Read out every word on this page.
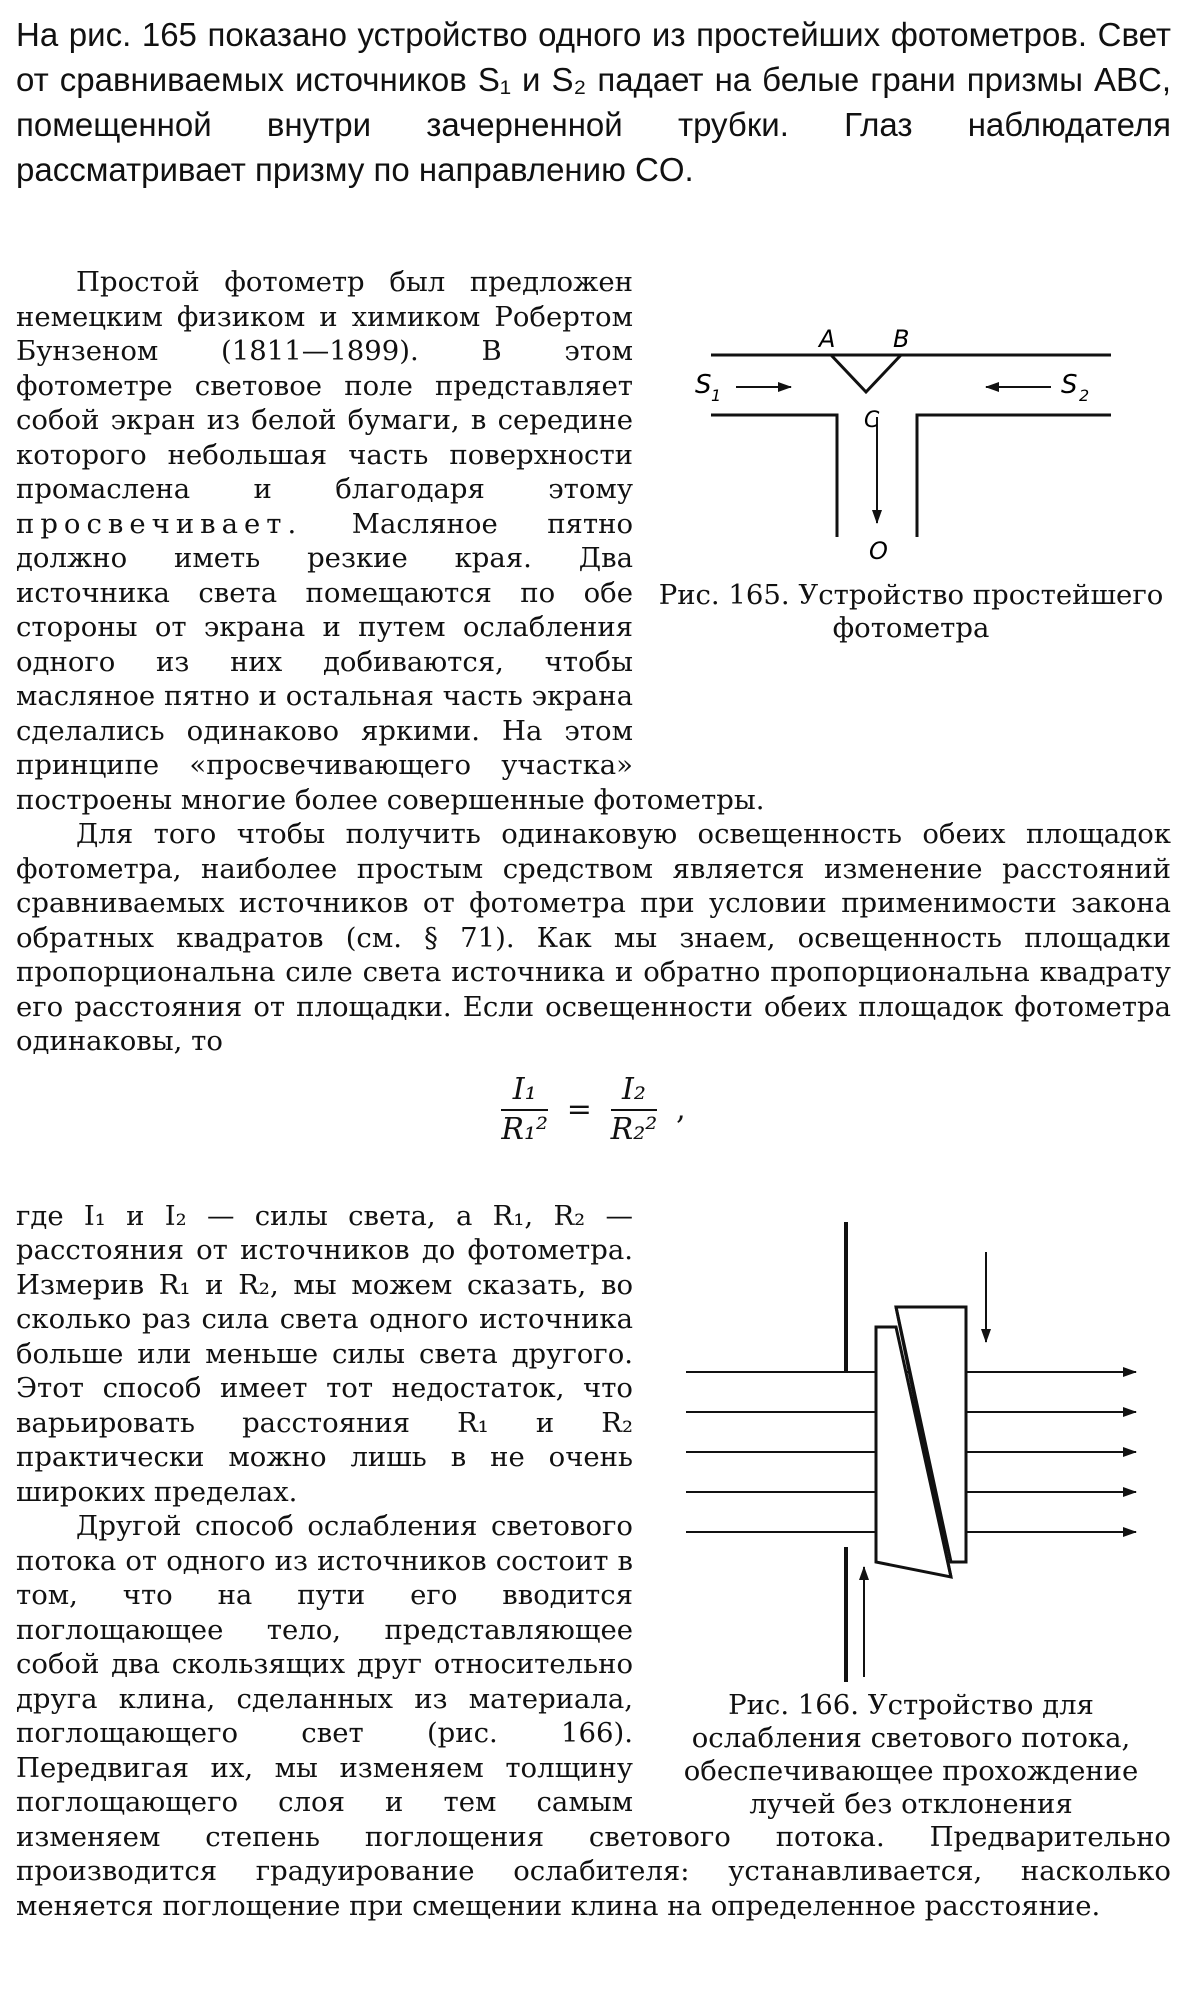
На рис. 165 показано устройство одного из простейших фотометров. Свет от сравниваемых источников S₁ и S₂ падает на белые грани призмы ABC, помещенной внутри зачерненной трубки. Глаз наблюдателя рассматривает призму по направлению CO.

A B
C
S 1	S 2
O
Рис. 165. Устройство простейшего фотометра

Простой фотометр был предложен немецким физиком и химиком Робертом Бунзеном (1811—1899). В этом фотометре световое поле представляет собой экран из белой бумаги, в середине которого небольшая часть поверхности промаслена и благодаря этому просвечивает. Масляное пятно должно иметь резкие края. Два источника света помещаются по обе стороны от экрана и путем ослабления одного из них добиваются, чтобы масляное пятно и остальная часть экрана сделались одинаково яркими. На этом принципе «просвечивающего участка» построены многие более совершенные фотометры.

Для того чтобы получить одинаковую освещенность обеих площадок фотометра, наиболее простым средством является изменение расстояний сравниваемых источников от фотометра при условии применимости закона обратных квадратов (см. § 71). Как мы знаем, освещенность площадки пропорциональна силе света источника и обратно пропорциональна квадрату его расстояния от площадки. Если освещенности обеих площадок фотометра одинаковы, то

$\frac{\text{I₁}}{\text{R₁²}} = \frac{\text{I₂}}{\text{R₂²}}$ ,
Рис. 166. Устройство для ослабления светового потока, обеспечивающее прохождение лучей без отклонения

где I₁ и I₂ — силы света, а R₁, R₂ — расстояния от источников до фотометра. Измерив R₁ и R₂, мы можем сказать, во сколько раз сила света одного источника больше или меньше силы света другого. Этот способ имеет тот недостаток, что варьировать расстояния R₁ и R₂ практически можно лишь в не очень широких пределах.

Другой способ ослабления светового потока от одного из источников состоит в том, что на пути его вводится поглощающее тело, представляющее собой два скользящих друг относительно друга клина, сделанных из материала, поглощающего свет (рис. 166). Передвигая их, мы изменяем толщину поглощающего слоя и тем самым изменяем степень поглощения светового потока. Предварительно производится градуирование ослабителя: устанавливается, насколько меняется поглощение при смещении клина на определенное расстояние.
